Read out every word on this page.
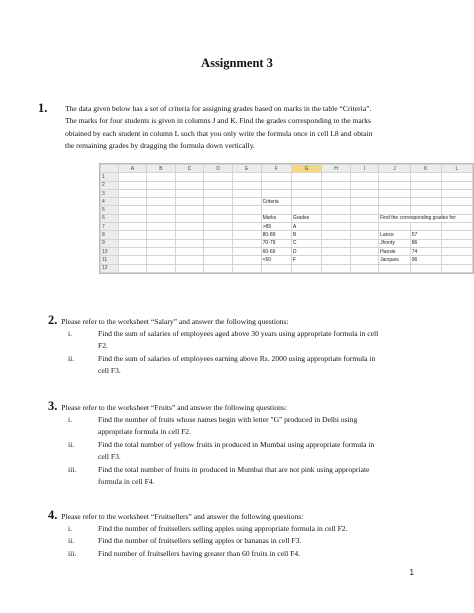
Assignment 3
1. The data given below has a set of criteria for assigning grades based on marks in the table “Criteria”.
The marks for four students is given in columns J and K. Find the grades corresponding to the marks
obtained by each student in column L such that you only write the formula once in cell L8 and obtain
the remaining grades by dragging the formula down vertically.
	A	B	C	D	E	F	G	H	I	J	K	L
1												
2												
3												
4						Criteria						
5												
6						Marks	Grades			Find the corresponding grades for:		
7						>89	A					
8						80-89	B			Lance	57	
9						70-79	C			Jhonty	86	
10						60-69	D			Hansie	74	
11						<60	F			Jacques	96	
12												
2. Please refer to the worksheet “Salary” and answer the following questions:
i.	Find the sum of salaries of employees aged above 30 years using appropriate formula in cell
F2.
ii.	Find the sum of salaries of employees earning above Rs. 2000 using appropriate formula in
cell F3.
3. Please refer to the worksheet “Fruits” and answer the following questions:
i.	Find the number of fruits whose names begin with letter "G" produced in Delhi using
appropriate formula in cell F2.
ii.	Find the total number of yellow fruits in produced in Mumbai using appropriate formula in
cell F3.
iii.	Find the total number of fruits in produced in Mumbai that are not pink using appropriate
formula in cell F4.
4. Please refer to the worksheet “Fruitsellers” and answer the following questions:
i.	Find the number of fruitsellers selling apples using appropriate formula in cell F2.
ii.	Find the number of fruitsellers selling apples or bananas in cell F3.
iii.	Find number of fruitsellers having greater than 60 fruits in cell F4.
1
